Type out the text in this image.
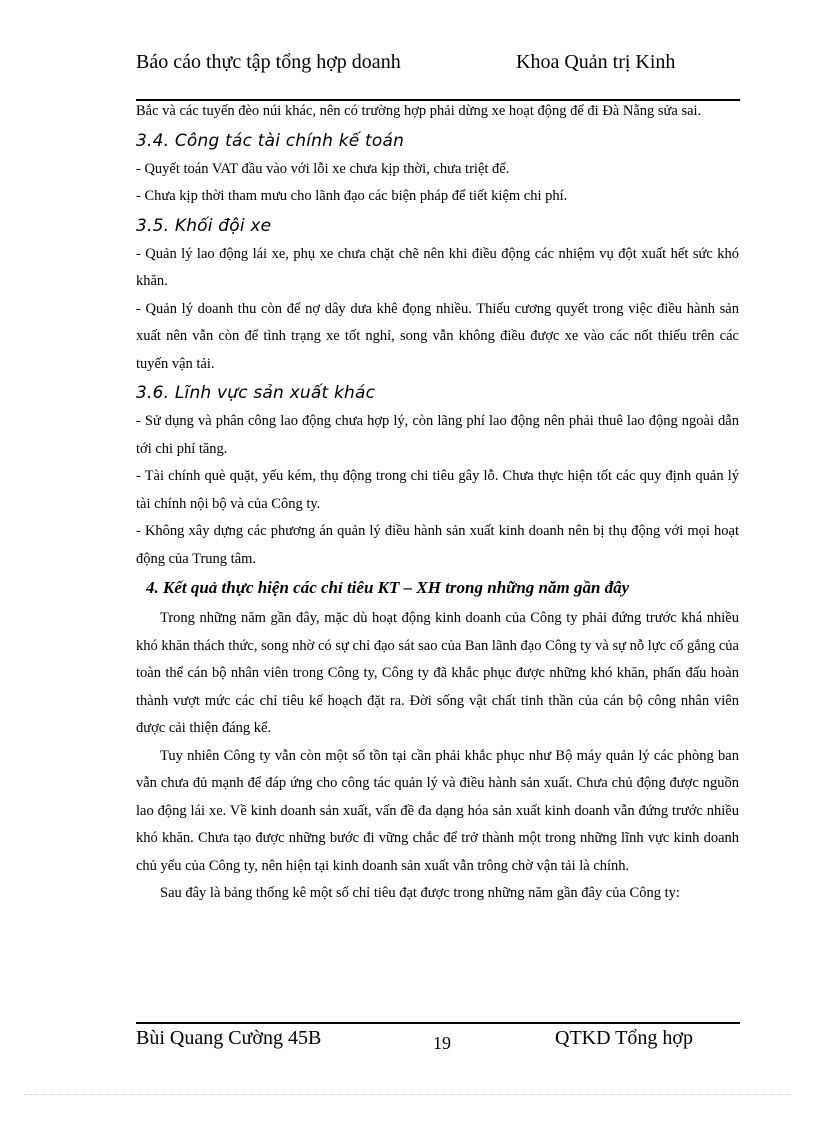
Báo cáo thực tập tổng hợp doanh	Khoa Quản trị Kinh

Bắc và các tuyến đèo núi khác, nên có trường hợp phải dừng xe hoạt động để đi Đà Nẵng sửa sai.

3.4. Công tác tài chính kế toán

- Quyết toán VAT đầu vào với lỗi xe chưa kịp thời, chưa triệt để.

- Chưa kịp thời tham mưu cho lãnh đạo các biện pháp để tiết kiệm chi phí.

3.5. Khối đội xe

- Quản lý lao động lái xe, phụ xe chưa chặt chẽ nên khi điều động các nhiệm vụ đột xuất hết sức khó khăn.

- Quản lý doanh thu còn để nợ dây dưa khê đọng nhiều. Thiếu cương quyết trong việc điều hành sản xuất nên vẫn còn để tình trạng xe tốt nghỉ, song vẫn không điều được xe vào các nốt thiếu trên các tuyến vận tải.

3.6. Lĩnh vực sản xuất khác

- Sử dụng và phân công lao động chưa hợp lý, còn lãng phí lao động nên phải thuê lao động ngoài dẫn tới chi phí tăng.

- Tài chính què quặt, yếu kém, thụ động trong chi tiêu gây lỗ. Chưa thực hiện tốt các quy định quản lý tài chính nội bộ và của Công ty.

- Không xây dựng các phương án quản lý điều hành sản xuất kinh doanh nên bị thụ động với mọi hoạt động của Trung tâm.

4. Kết quả thực hiện các chỉ tiêu KT – XH trong những năm gần đây

Trong những năm gần đây, mặc dù hoạt động kinh doanh của Công ty phải đứng trước khá nhiều khó khăn thách thức, song nhờ có sự chỉ đạo sát sao của Ban lãnh đạo Công ty và sự nỗ lực cố gắng của toàn thể cán bộ nhân viên trong Công ty, Công ty đã khắc phục được những khó khăn, phấn đấu hoàn thành vượt mức các chỉ tiêu kế hoạch đặt ra. Đời sống vật chất tinh thần của cán bộ công nhân viên được cải thiện đáng kể.

Tuy nhiên Công ty vẫn còn một số tồn tại cần phải khắc phục như Bộ máy quản lý các phòng ban vẫn chưa đủ mạnh để đáp ứng cho công tác quản lý và điều hành sản xuất. Chưa chủ động được nguồn lao động lái xe. Về kinh doanh sản xuất, vấn đề đa dạng hóa sản xuất kinh doanh vẫn đứng trước nhiều khó khăn. Chưa tạo được những bước đi vững chắc để trở thành một trong những lĩnh vực kinh doanh chủ yếu của Công ty, nên hiện tại kinh doanh sản xuất vẫn trông chờ vận tải là chính.

Sau đây là bảng thống kê một số chỉ tiêu đạt được trong những năm gần đây của Công ty:

Bùi Quang Cường 45B	19	QTKD Tổng hợp
